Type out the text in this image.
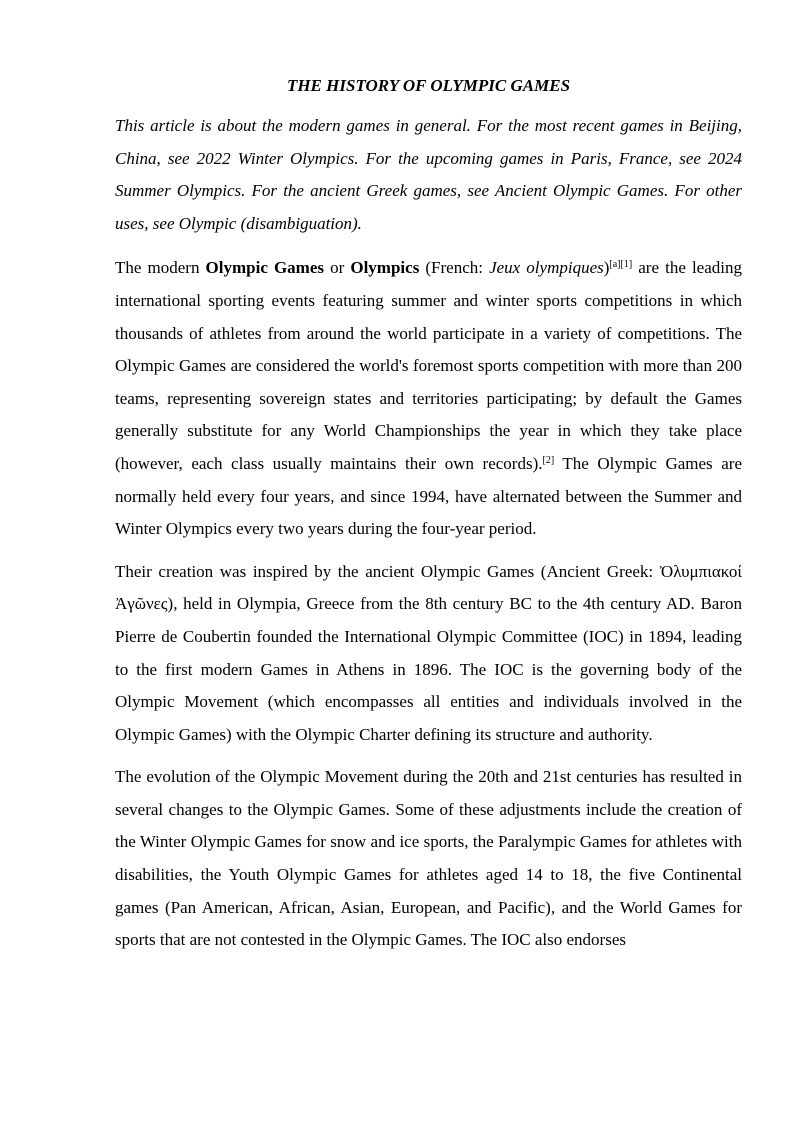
THE HISTORY OF OLYMPIC GAMES

This article is about the modern games in general. For the most recent games in Beijing, China, see 2022 Winter Olympics. For the upcoming games in Paris, France, see 2024 Summer Olympics. For the ancient Greek games, see Ancient Olympic Games. For other uses, see Olympic (disambiguation).

The modern Olympic Games or Olympics (French: Jeux olympiques)[a][1] are the leading international sporting events featuring summer and winter sports competitions in which thousands of athletes from around the world participate in a variety of competitions. The Olympic Games are considered the world's foremost sports competition with more than 200 teams, representing sovereign states and territories participating; by default the Games generally substitute for any World Championships the year in which they take place (however, each class usually maintains their own records).[2] The Olympic Games are normally held every four years, and since 1994, have alternated between the Summer and Winter Olympics every two years during the four-year period.

Their creation was inspired by the ancient Olympic Games (Ancient Greek: Ὀλυμπιακοί Ἀγῶνες), held in Olympia, Greece from the 8th century BC to the 4th century AD. Baron Pierre de Coubertin founded the International Olympic Committee (IOC) in 1894, leading to the first modern Games in Athens in 1896. The IOC is the governing body of the Olympic Movement (which encompasses all entities and individuals involved in the Olympic Games) with the Olympic Charter defining its structure and authority.

The evolution of the Olympic Movement during the 20th and 21st centuries has resulted in several changes to the Olympic Games. Some of these adjustments include the creation of the Winter Olympic Games for snow and ice sports, the Paralympic Games for athletes with disabilities, the Youth Olympic Games for athletes aged 14 to 18, the five Continental games (Pan American, African, Asian, European, and Pacific), and the World Games for sports that are not contested in the Olympic Games. The IOC also endorses
